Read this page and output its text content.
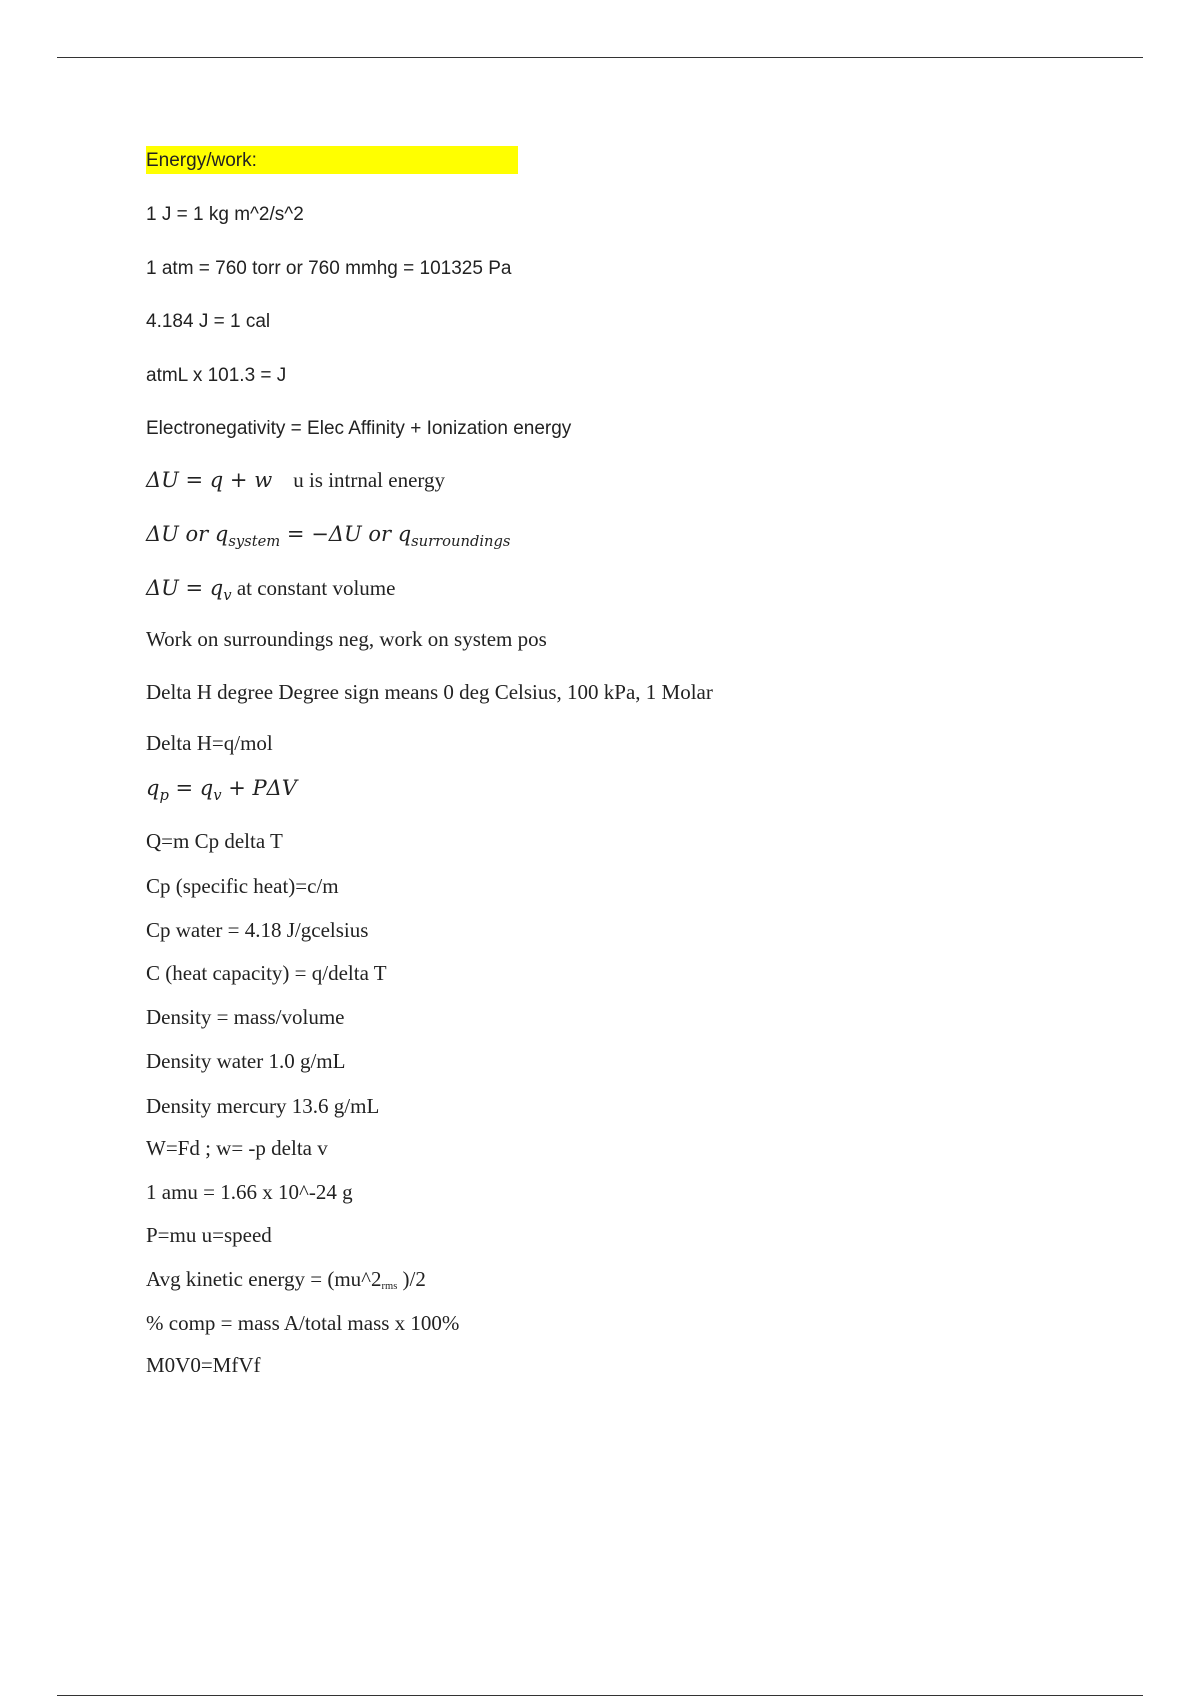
Energy/work:
1 J = 1 kg m^2/s^2
1 atm = 760 torr or 760 mmhg = 101325 Pa
4.184 J = 1 cal
atmL x 101.3 = J
Electronegativity = Elec Affinity + Ionization energy
ΔU = q + w u is intrnal energy
ΔU or $q_{system} = -\Delta U$ or $q_{surroundings}$
$\Delta U = q_v$ at constant volume
Work on surroundings neg, work on system pos
Delta H degree Degree sign means 0 deg Celsius, 100 kPa, 1 Molar
Delta H=q/mol
$q_p = q_v + P\Delta V$
Q=m Cp delta T
Cp (specific heat)=c/m
Cp water = 4.18 J/gcelsius
C (heat capacity) = q/delta T
Density = mass/volume
Density water 1.0 g/mL
Density mercury 13.6 g/mL
W=Fd ; w= -p delta v
1 amu = 1.66 x 10^-24 g
P=mu u=speed
Avg kinetic energy = ($mu\^{}2_{rms}$ )/2
% comp = mass A/total mass x 100%
M0V0=MfVf
